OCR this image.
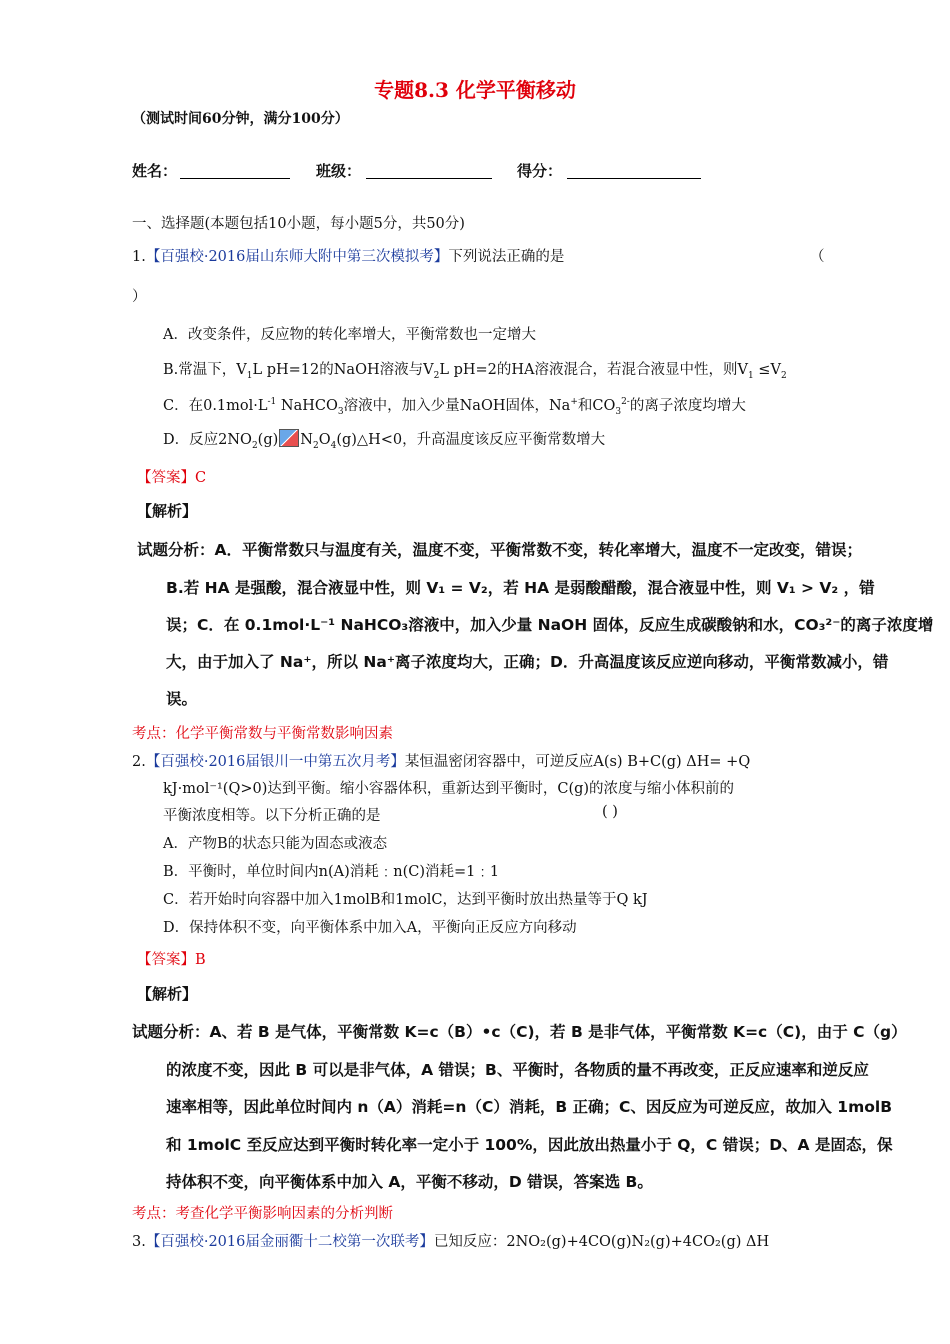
专题8.3 化学平衡移动
（测试时间60分钟，满分100分）
姓名：	班级：	得分：
一、选择题(本题包括10小题，每小题5分，共50分)
1.【百强校·2016届山东师大附中第三次模拟考】下列说法正确的是	（
）
A．改变条件，反应物的转化率增大，平衡常数也一定增大
B.常温下，$V_1L$ pH=12的NaOH溶液与$V_2L$ pH=2的HA溶液混合，若混合液显中性，则$V_1 \le V_2$
C．在$0.1mol\cdot L^{-1}$ NaHCO$_3$溶液中，加入少量NaOH固体，Na+和$CO_3^{2-}$的离子浓度均增大
D．反应$2NO_2(g)$ $N_2O_4(g)\triangle H<0$，升高温度该反应平衡常数增大
【答案】C
【解析】
试题分析：A．平衡常数只与温度有关，温度不变，平衡常数不变，转化率增大，温度不一定改变，错误；
B.若 HA 是强酸，混合液显中性，则 V₁ = V₂，若 HA 是弱酸醋酸，混合液显中性，则 V₁ > V₂ ，错
误；C．在 0.1mol·L⁻¹ NaHCO₃溶液中，加入少量 NaOH 固体，反应生成碳酸钠和水，CO₃²⁻的离子浓度增
大，由于加入了 Na⁺，所以 Na⁺离子浓度均大，正确；D．升高温度该反应逆向移动，平衡常数减小，错
误。
考点：化学平衡常数与平衡常数影响因素
2.【百强校·2016届银川一中第五次月考】某恒温密闭容器中，可逆反应A(s) B+C(g) ΔH= +Q
kJ·mol⁻¹(Q>0)达到平衡。缩小容器体积，重新达到平衡时，C(g)的浓度与缩小体积前的
平衡浓度相等。以下分析正确的是	( )
A．产物B的状态只能为固态或液态
B．平衡时，单位时间内n(A)消耗﹕n(C)消耗=1﹕1
C．若开始时向容器中加入1molB和1molC，达到平衡时放出热量等于Q kJ
D．保持体积不变，向平衡体系中加入A，平衡向正反应方向移动
【答案】B
【解析】
试题分析：A、若 B 是气体，平衡常数 K=c（B）•c（C)，若 B 是非气体，平衡常数 K=c（C)，由于 C（g）
的浓度不变，因此 B 可以是非气体，A 错误；B、平衡时，各物质的量不再改变，正反应速率和逆反应
速率相等，因此单位时间内 n（A）消耗=n（C）消耗，B 正确；C、因反应为可逆反应，故加入 1molB
和 1molC 至反应达到平衡时转化率一定小于 100%，因此放出热量小于 Q，C 错误；D、A 是固态，保
持体积不变，向平衡体系中加入 A，平衡不移动，D 错误，答案选 B。
考点：考查化学平衡影响因素的分析判断
3.【百强校·2016届金丽衢十二校第一次联考】已知反应：2NO₂(g)+4CO(g)N₂(g)+4CO₂(g) ΔH
